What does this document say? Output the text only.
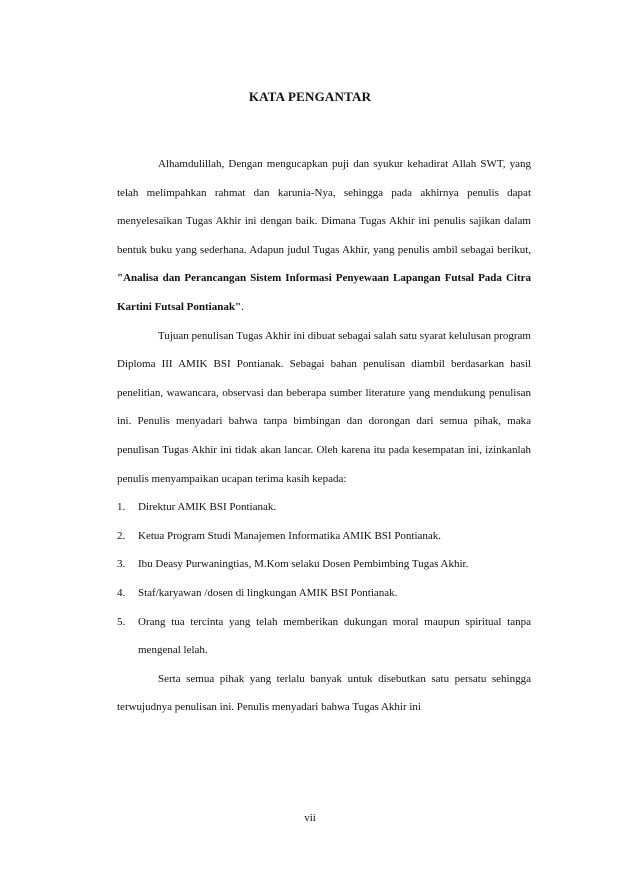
KATA PENGANTAR

Alhamdulillah, Dengan mengucapkan puji dan syukur kehadirat Allah SWT, yang telah melimpahkan rahmat dan karunia-Nya, sehingga pada akhirnya penulis dapat menyelesaikan Tugas Akhir ini dengan baik. Dimana Tugas Akhir ini penulis sajikan dalam bentuk buku yang sederhana. Adapun judul Tugas Akhir, yang penulis ambil sebagai berikut, "Analisa dan Perancangan Sistem Informasi Penyewaan Lapangan Futsal Pada Citra Kartini Futsal Pontianak".

Tujuan penulisan Tugas Akhir ini dibuat sebagai salah satu syarat kelulusan program Diploma III AMIK BSI Pontianak. Sebagai bahan penulisan diambil berdasarkan hasil penelitian, wawancara, observasi dan beberapa sumber literature yang mendukung penulisan ini. Penulis menyadari bahwa tanpa bimbingan dan dorongan dari semua pihak, maka penulisan Tugas Akhir ini tidak akan lancar. Oleh karena itu pada kesempatan ini, izinkanlah penulis menyampaikan ucapan terima kasih kepada:

1. Direktur AMIK BSI Pontianak.
2. Ketua Program Studi Manajemen Informatika AMIK BSI Pontianak.
3. Ibu Deasy Purwaningtias, M.Kom selaku Dosen Pembimbing Tugas Akhir.
4. Staf/karyawan /dosen di lingkungan AMIK BSI Pontianak.
5. Orang tua tercinta yang telah memberikan dukungan moral maupun spiritual tanpa mengenal lelah.

Serta semua pihak yang terlalu banyak untuk disebutkan satu persatu sehingga terwujudnya penulisan ini. Penulis menyadari bahwa Tugas Akhir ini

vii
